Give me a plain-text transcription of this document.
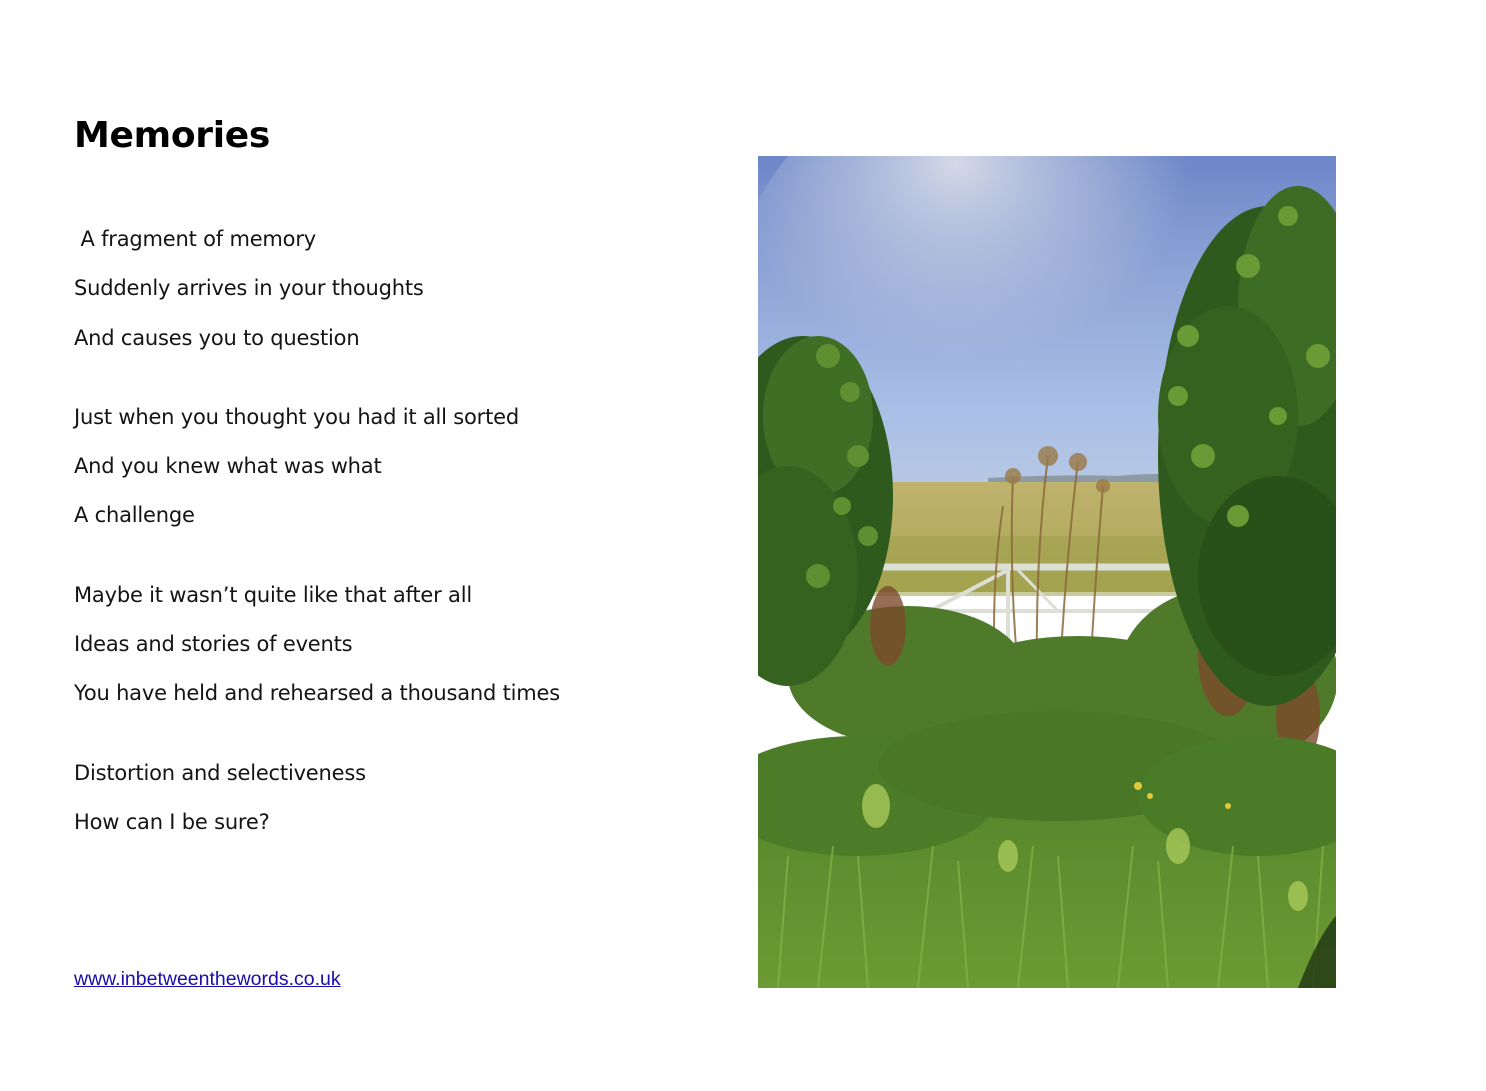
Memories
A fragment of memory
Suddenly arrives in your thoughts
And causes you to question
Just when you thought you had it all sorted
And you knew what was what
A challenge
Maybe it wasn’t quite like that after all
Ideas and stories of events
You have held and rehearsed a thousand times
Distortion and selectiveness
How can I be sure?
www.inbetweenthewords.co.uk
